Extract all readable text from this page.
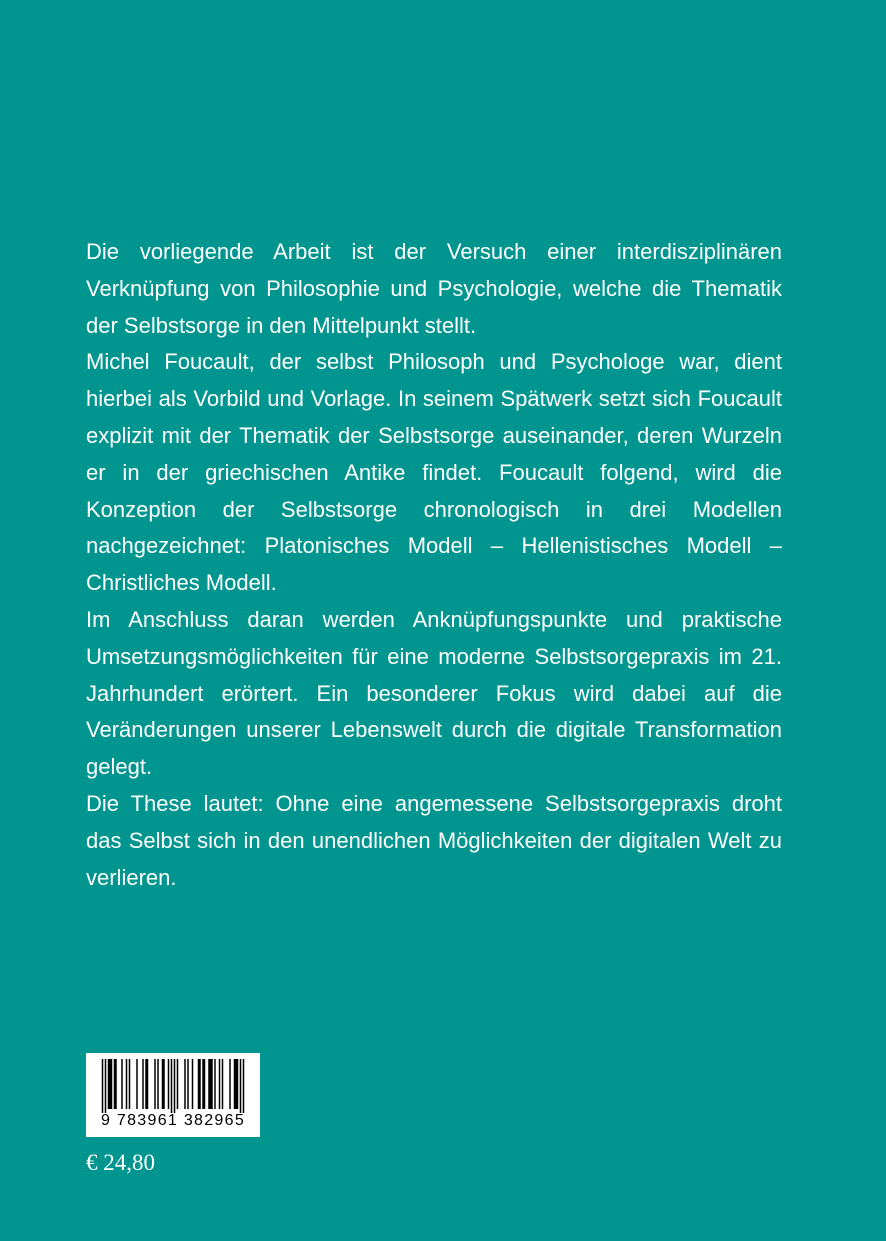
Die vorliegende Arbeit ist der Versuch einer interdisziplinären Verknüpfung von Philosophie und Psychologie, welche die Thematik der Selbstsorge in den Mittelpunkt stellt.

Michel Foucault, der selbst Philosoph und Psychologe war, dient hierbei als Vorbild und Vorlage. In seinem Spätwerk setzt sich Foucault explizit mit der Thematik der Selbstsorge auseinander, deren Wurzeln er in der griechischen Antike findet. Foucault folgend, wird die Konzeption der Selbstsorge chronologisch in drei Modellen nachgezeichnet: Platonisches Modell – Hellenistisches Modell – Christliches Modell.

Im Anschluss daran werden Anknüpfungspunkte und praktische Umsetzungsmöglichkeiten für eine moderne Selbstsorgepraxis im 21. Jahrhundert erörtert. Ein besonderer Fokus wird dabei auf die Veränderungen unserer Lebenswelt durch die digitale Transformation gelegt.

Die These lautet: Ohne eine angemessene Selbstsorgepraxis droht das Selbst sich in den unendlichen Möglichkeiten der digitalen Welt zu verlieren.

9 783961 382965
€ 24,80
